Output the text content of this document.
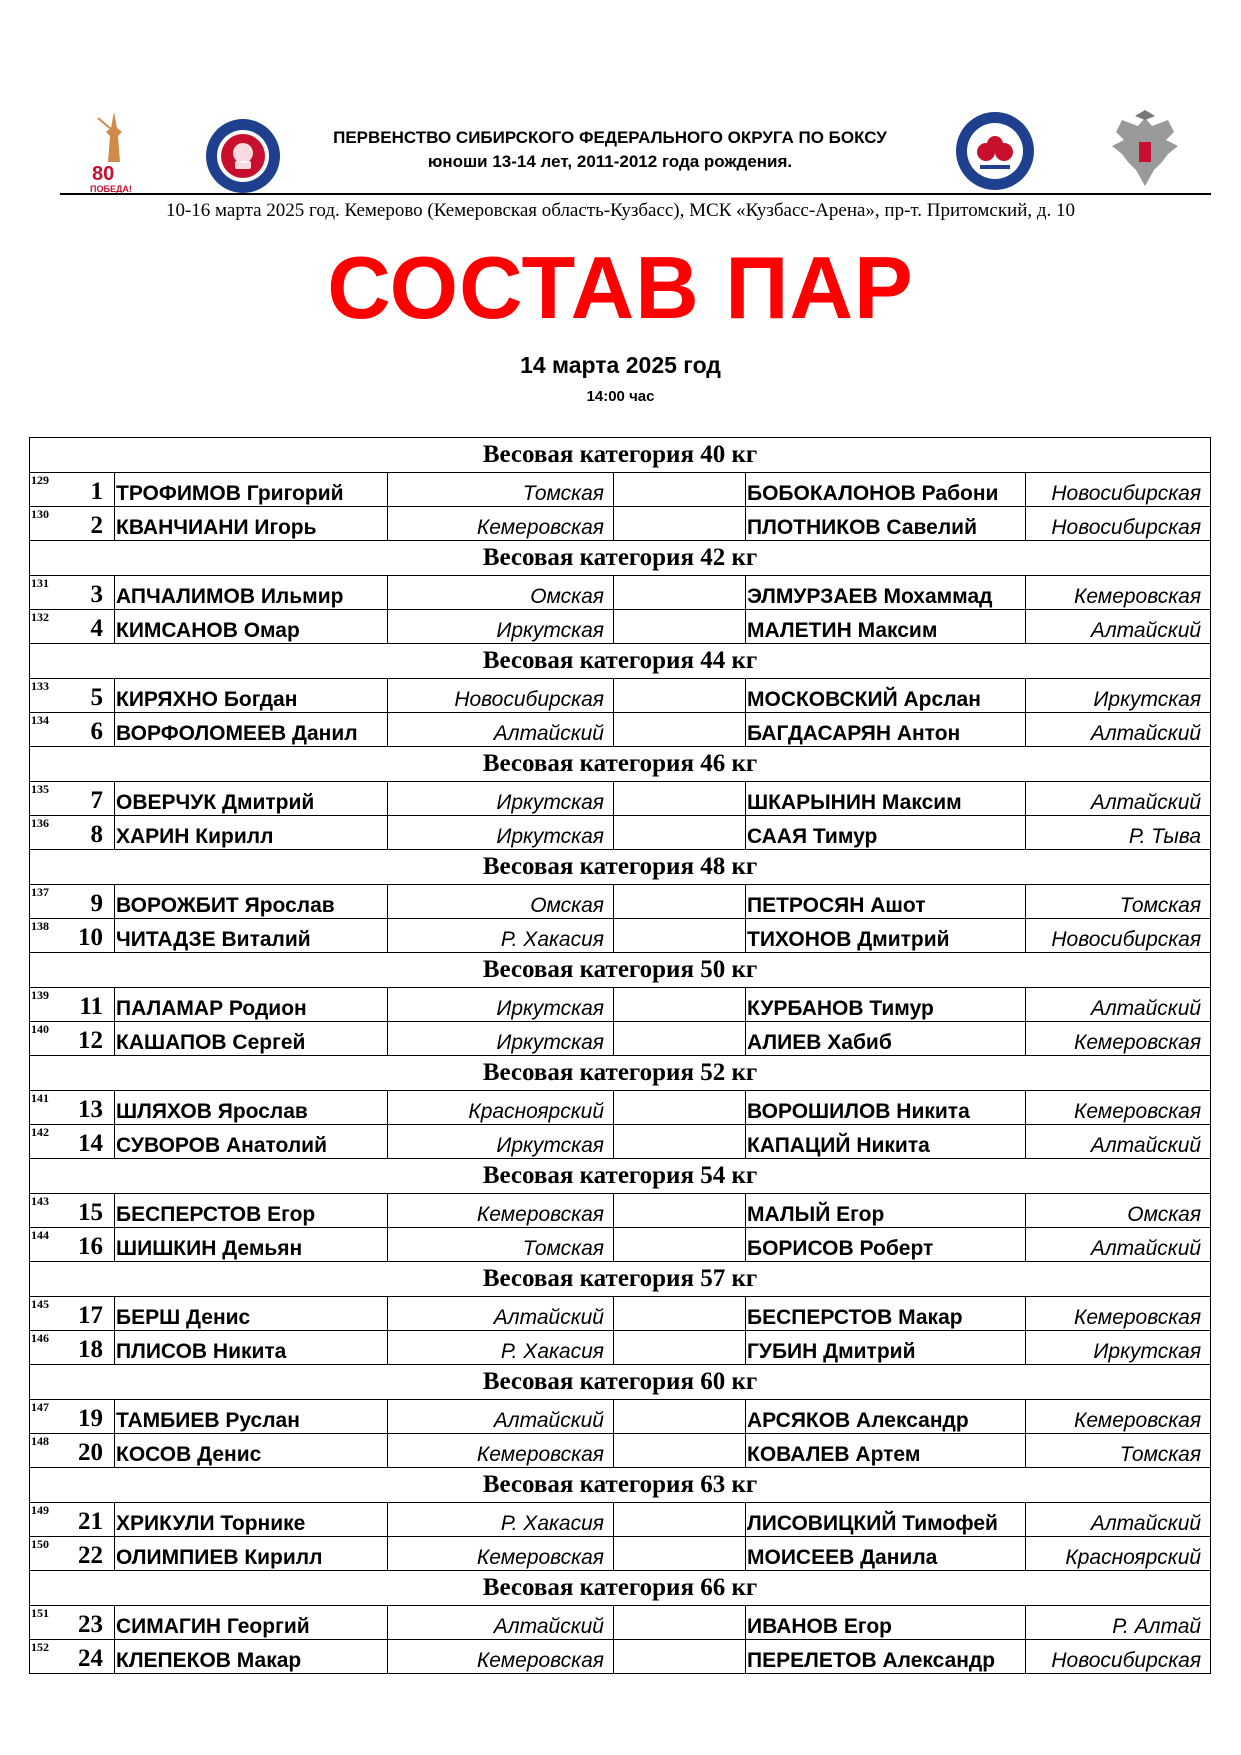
80
ПОБЕДА!
ПЕРВЕНСТВО СИБИРСКОГО ФЕДЕРАЛЬНОГО ОКРУГА ПО БОКСУ
юноши 13-14 лет, 2011-2012 года рождения.
10-16 марта 2025 год. Кемерово (Кемеровская область-Кузбасс), МСК «Кузбасс-Арена», пр-т. Притомский, д. 10
СОСТАВ ПАР
14 марта 2025 год
14:00 час
Весовая категория 40 кг					

129 1	ТРОФИМОВ Григорий	Томская		БОБОКАЛОНОВ Рабони	Новосибирская

130 2	КВАНЧИАНИ Игорь	Кемеровская		ПЛОТНИКОВ Савелий	Новосибирская
Весовая категория 42 кг					

131 3	АПЧАЛИМОВ Ильмир	Омская		ЭЛМУРЗАЕВ Мохаммад	Кемеровская

132 4	КИМСАНОВ Омар	Иркутская		МАЛЕТИН Максим	Алтайский
Весовая категория 44 кг					

133 5	КИРЯХНО Богдан	Новосибирская		МОСКОВСКИЙ Арслан	Иркутская

134 6	ВОРФОЛОМЕЕВ Данил	Алтайский		БАГДАСАРЯН Антон	Алтайский
Весовая категория 46 кг					

135 7	ОВЕРЧУК Дмитрий	Иркутская		ШКАРЫНИН Максим	Алтайский

136 8	ХАРИН Кирилл	Иркутская		СААЯ Тимур	Р. Тыва
Весовая категория 48 кг					

137 9	ВОРОЖБИТ Ярослав	Омская		ПЕТРОСЯН Ашот	Томская

138 10	ЧИТАДЗЕ Виталий	Р. Хакасия		ТИХОНОВ Дмитрий	Новосибирская
Весовая категория 50 кг					

139 11	ПАЛАМАР Родион	Иркутская		КУРБАНОВ Тимур	Алтайский

140 12	КАШАПОВ Сергей	Иркутская		АЛИЕВ Хабиб	Кемеровская
Весовая категория 52 кг					

141 13	ШЛЯХОВ Ярослав	Красноярский		ВОРОШИЛОВ Никита	Кемеровская

142 14	СУВОРОВ Анатолий	Иркутская		КАПАЦИЙ Никита	Алтайский
Весовая категория 54 кг					

143 15	БЕСПЕРСТОВ Егор	Кемеровская		МАЛЫЙ Егор	Омская

144 16	ШИШКИН Демьян	Томская		БОРИСОВ Роберт	Алтайский
Весовая категория 57 кг					

145 17	БЕРШ Денис	Алтайский		БЕСПЕРСТОВ Макар	Кемеровская

146 18	ПЛИСОВ Никита	Р. Хакасия		ГУБИН Дмитрий	Иркутская
Весовая категория 60 кг					

147 19	ТАМБИЕВ Руслан	Алтайский		АРСЯКОВ Александр	Кемеровская

148 20	КОСОВ Денис	Кемеровская		КОВАЛЕВ Артем	Томская
Весовая категория 63 кг					

149 21	ХРИКУЛИ Торнике	Р. Хакасия		ЛИСОВИЦКИЙ Тимофей	Алтайский

150 22	ОЛИМПИЕВ Кирилл	Кемеровская		МОИСЕЕВ Данила	Красноярский
Весовая категория 66 кг					

151 23	СИМАГИН Георгий	Алтайский		ИВАНОВ Егор	Р. Алтай

152 24	КЛЕПЕКОВ Макар	Кемеровская		ПЕРЕЛЕТОВ Александр	Новосибирская
